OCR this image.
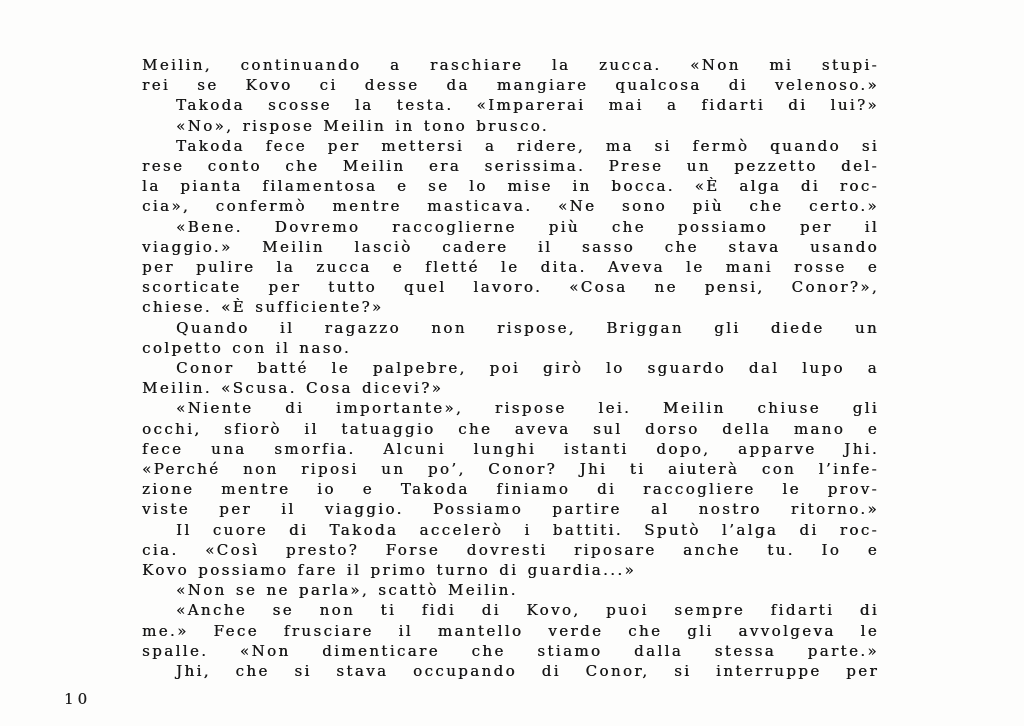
Meilin, continuando a raschiare la zucca. «Non mi stupi-
rei se Kovo ci desse da mangiare qualcosa di velenoso.»
Takoda scosse la testa. «Imparerai mai a fidarti di lui?»
«No», rispose Meilin in tono brusco.
Takoda fece per mettersi a ridere, ma si fermò quando si
rese conto che Meilin era serissima. Prese un pezzetto del-
la pianta filamentosa e se lo mise in bocca. «È alga di roc-
cia», confermò mentre masticava. «Ne sono più che certo.»
«Bene. Dovremo raccoglierne più che possiamo per il
viaggio.» Meilin lasciò cadere il sasso che stava usando
per pulire la zucca e fletté le dita. Aveva le mani rosse e
scorticate per tutto quel lavoro. «Cosa ne pensi, Conor?»,
chiese. «È sufficiente?»
Quando il ragazzo non rispose, Briggan gli diede un
colpetto con il naso.
Conor batté le palpebre, poi girò lo sguardo dal lupo a
Meilin. «Scusa. Cosa dicevi?»
«Niente di importante», rispose lei. Meilin chiuse gli
occhi, sfiorò il tatuaggio che aveva sul dorso della mano e
fece una smorfia. Alcuni lunghi istanti dopo, apparve Jhi.
«Perché non riposi un po’, Conor? Jhi ti aiuterà con l’infe-
zione mentre io e Takoda finiamo di raccogliere le prov-
viste per il viaggio. Possiamo partire al nostro ritorno.»
Il cuore di Takoda accelerò i battiti. Sputò l’alga di roc-
cia. «Così presto? Forse dovresti riposare anche tu. Io e
Kovo possiamo fare il primo turno di guardia...»
«Non se ne parla», scattò Meilin.
«Anche se non ti fidi di Kovo, puoi sempre fidarti di
me.» Fece frusciare il mantello verde che gli avvolgeva le
spalle. «Non dimenticare che stiamo dalla stessa parte.»
Jhi, che si stava occupando di Conor, si interruppe per
10
